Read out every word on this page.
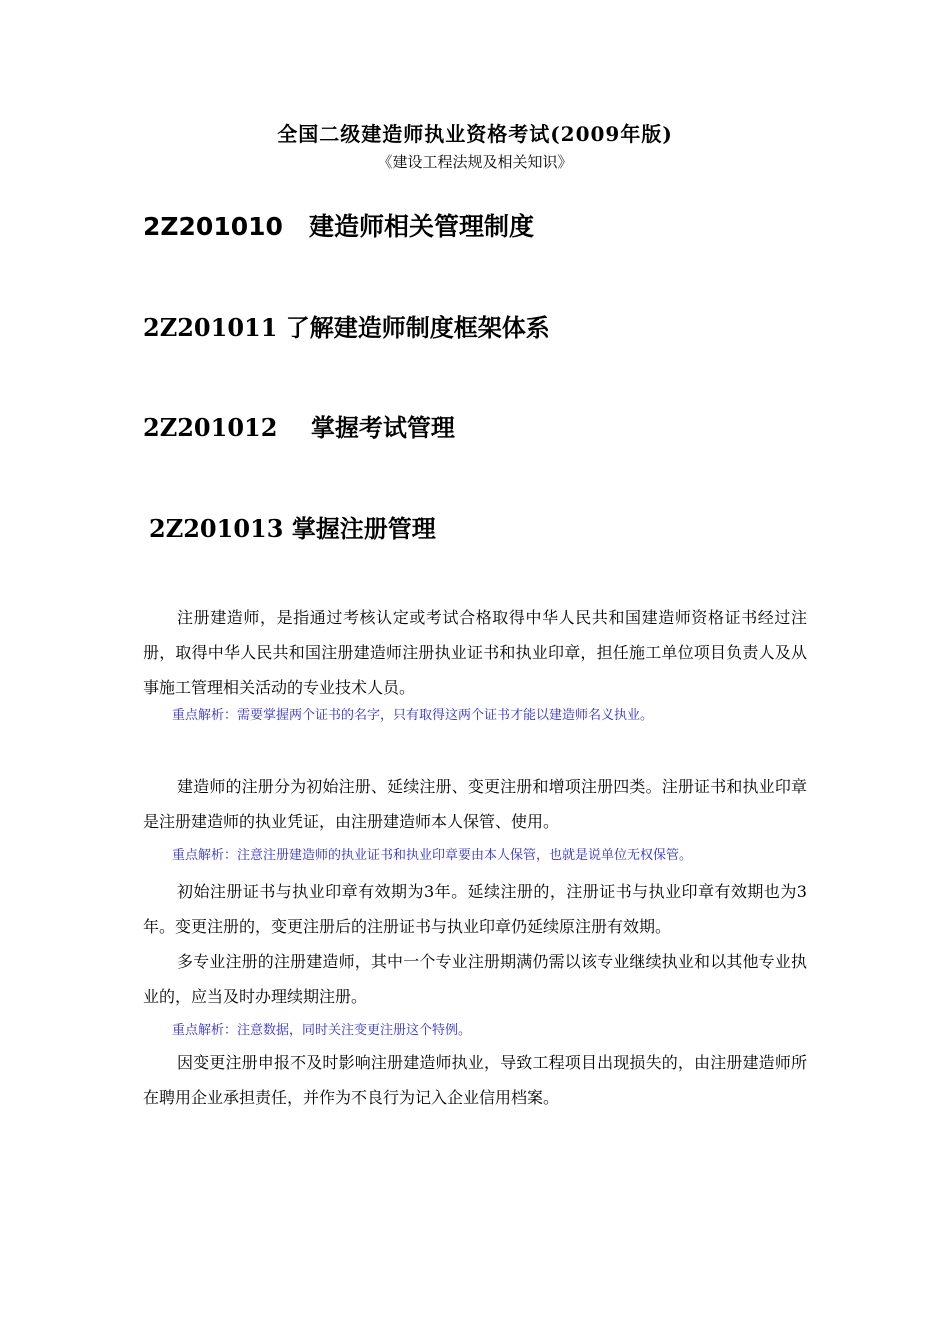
全国二级建造师执业资格考试(2009年版)
《建设工程法规及相关知识》
2Z201010   建造师相关管理制度
2Z201011 了解建造师制度框架体系
2Z201012    掌握考试管理
2Z201013 掌握注册管理
注册建造师，是指通过考核认定或考试合格取得中华人民共和国建造师资格证书经过注册，取得中华人民共和国注册建造师注册执业证书和执业印章，担任施工单位项目负责人及从事施工管理相关活动的专业技术人员。
重点解析：需要掌握两个证书的名字，只有取得这两个证书才能以建造师名义执业。
建造师的注册分为初始注册、延续注册、变更注册和增项注册四类。注册证书和执业印章是注册建造师的执业凭证，由注册建造师本人保管、使用。
重点解析：注意注册建造师的执业证书和执业印章要由本人保管，也就是说单位无权保管。
初始注册证书与执业印章有效期为3年。延续注册的，注册证书与执业印章有效期也为3年。变更注册的，变更注册后的注册证书与执业印章仍延续原注册有效期。
多专业注册的注册建造师，其中一个专业注册期满仍需以该专业继续执业和以其他专业执业的，应当及时办理续期注册。
重点解析：注意数据，同时关注变更注册这个特例。
因变更注册申报不及时影响注册建造师执业，导致工程项目出现损失的，由注册建造师所在聘用企业承担责任，并作为不良行为记入企业信用档案。
